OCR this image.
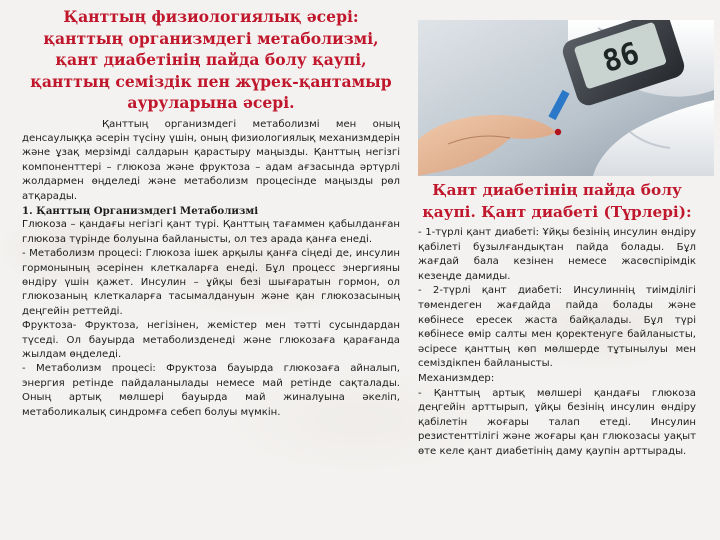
Қанттың физиологиялық әсері: қанттың организмдегі метаболизмі, қант диабетінің пайда болу қаупі, қанттың семіздік пен жүрек-қантамыр ауруларына әсері.

Қанттың организмдегі метаболизмі мен оның денсаулыққа әсерін түсіну үшін, оның физиологиялық механизмдерін және ұзақ мерзімді салдарын қарастыру маңызды. Қанттың негізгі компоненттері – глюкоза және фруктоза – адам ағзасында әртүрлі жолдармен өңделеді және метаболизм процесінде маңызды рөл атқарады.

1. Қанттың Организмдегі Метаболизмі

Глюкоза – қандағы негізгі қант түрі. Қанттың тағаммен қабылданған глюкоза түрінде болуына байланысты, ол тез арада қанға енеді.

- Метаболизм процесі: Глюкоза ішек арқылы қанға сіңеді де, инсулин гормонының әсерінен клеткаларға енеді. Бұл процесс энергияны өндіру үшін қажет. Инсулин – ұйқы безі шығаратын гормон, ол глюкозаның клеткаларға тасымалдануын және қан глюкозасының деңгейін реттейді.

Фруктоза- Фруктоза, негізінен, жемістер мен тәтті сусындардан түседі. Ол бауырда метаболизденеді және глюкозаға қарағанда жылдам өңделеді.

- Метаболизм процесі: Фруктоза бауырда глюкозаға айналып, энергия ретінде пайдаланылады немесе май ретінде сақталады. Оның артық мөлшері бауырда май жиналуына әкеліп, метаболикалық синдромға себеп болуы мүмкін.

86
Қант диабетінің пайда болу қаупі. Қант диабеті (Түрлері):

- 1-түрлі қант диабеті: Ұйқы безінің инсулин өндіру қабілеті бұзылғандықтан пайда болады. Бұл жағдай бала кезінен немесе жасөспірімдік кезеңде дамиды.

- 2-түрлі қант диабеті: Инсулиннің тиімділігі төмендеген жағдайда пайда болады және көбінесе ересек жаста байқалады. Бұл түрі көбінесе өмір салты мен қоректенуге байланысты, әсіресе қанттың көп мөлшерде тұтынылуы мен семіздікпен байланысты.

Механизмдер:

- Қанттың артық мөлшері қандағы глюкоза деңгейін арттырып, ұйқы безінің инсулин өндіру қабілетін жоғары талап етеді. Инсулин резистенттілігі және жоғары қан глюкозасы уақыт өте келе қант диабетінің даму қаупін арттырады.
